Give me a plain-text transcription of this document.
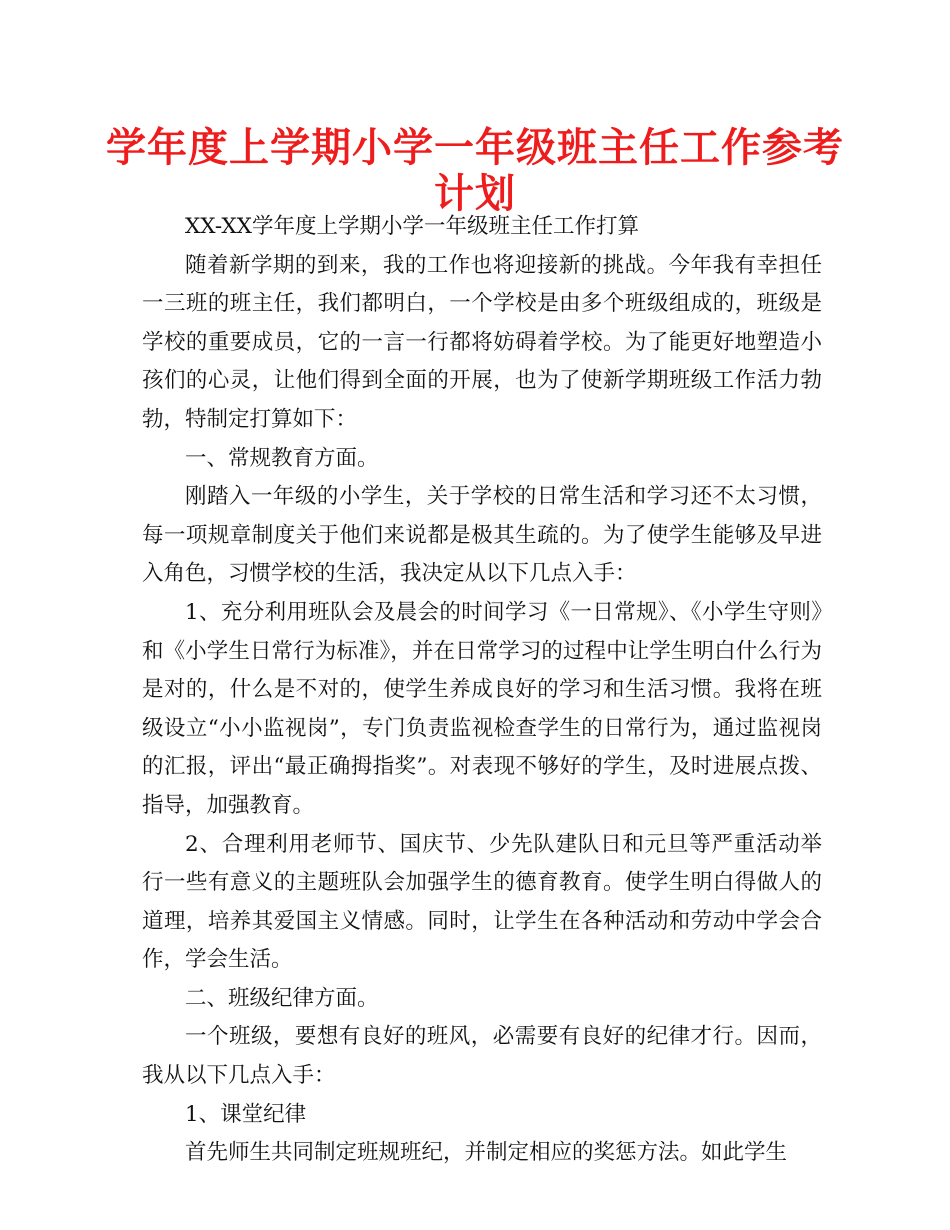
学年度上学期小学一年级班主任工作参考
计划

XX-XX学年度上学期小学一年级班主任工作打算

随着新学期的到来，我的工作也将迎接新的挑战。今年我有幸担任一三班的班主任，我们都明白，一个学校是由多个班级组成的，班级是学校的重要成员，它的一言一行都将妨碍着学校。为了能更好地塑造小孩们的心灵，让他们得到全面的开展，也为了使新学期班级工作活力勃勃，特制定打算如下：

一、常规教育方面。

刚踏入一年级的小学生，关于学校的日常生活和学习还不太习惯，每一项规章制度关于他们来说都是极其生疏的。为了使学生能够及早进入角色，习惯学校的生活，我决定从以下几点入手：

1、充分利用班队会及晨会的时间学习《一日常规》、《小学生守则》和《小学生日常行为标准》，并在日常学习的过程中让学生明白什么行为是对的，什么是不对的，使学生养成良好的学习和生活习惯。我将在班级设立“小小监视岗”，专门负责监视检查学生的日常行为，通过监视岗的汇报，评出“最正确拇指奖”。对表现不够好的学生，及时进展点拨、指导，加强教育。

2、合理利用老师节、国庆节、少先队建队日和元旦等严重活动举行一些有意义的主题班队会加强学生的德育教育。使学生明白得做人的道理，培养其爱国主义情感。同时，让学生在各种活动和劳动中学会合作，学会生活。

二、班级纪律方面。

一个班级，要想有良好的班风，必需要有良好的纪律才行。因而，我从以下几点入手：

1、课堂纪律

首先师生共同制定班规班纪，并制定相应的奖惩方法。如此学生
